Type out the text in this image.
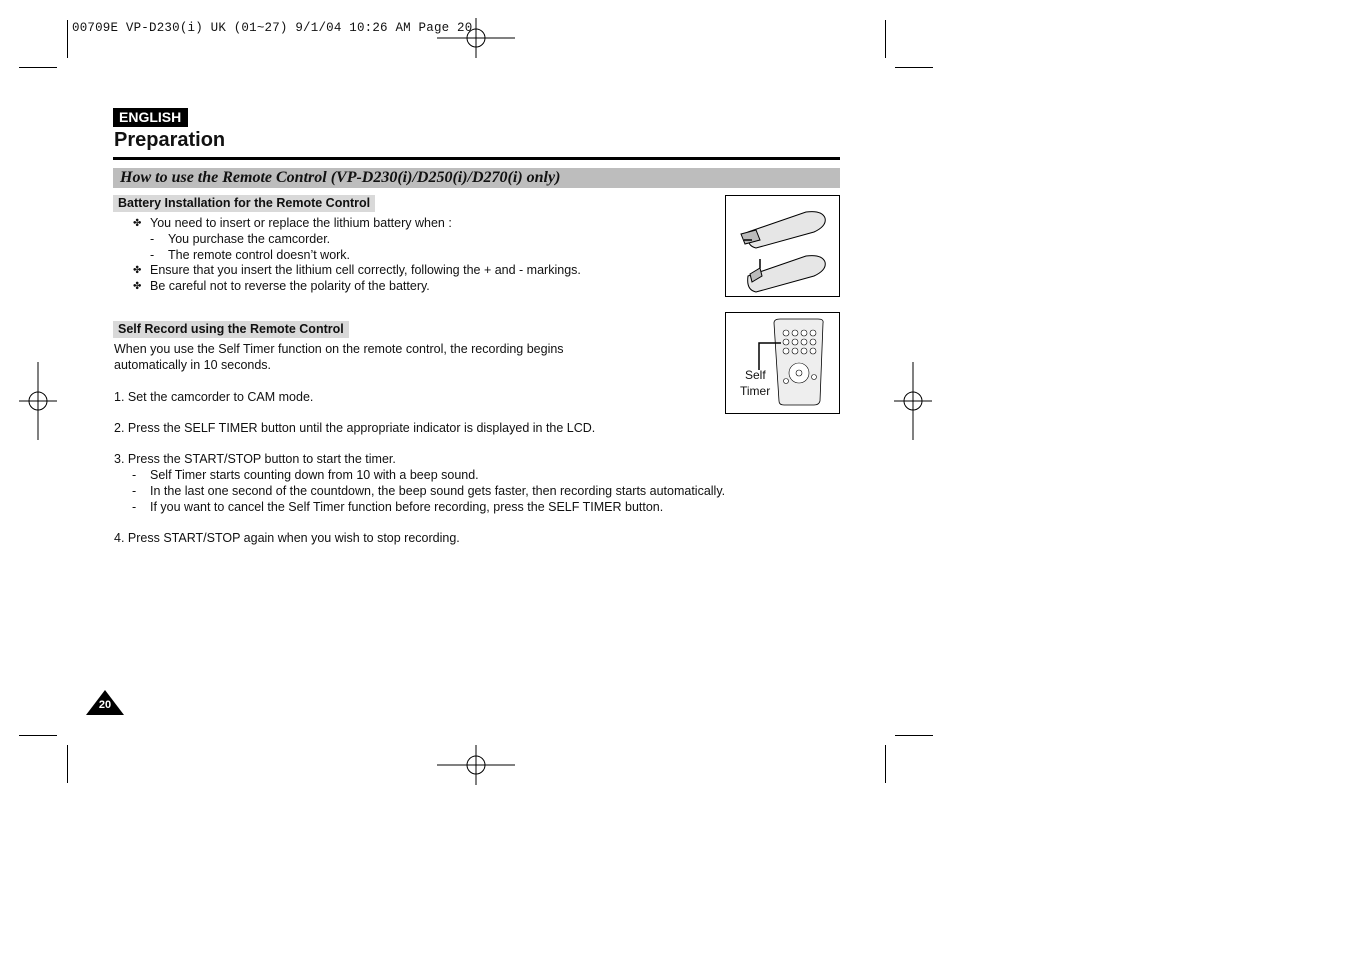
00709E VP-D230(i) UK (01~27) 9/1/04 10:26 AM Page 20
ENGLISH
Preparation
How to use the Remote Control (VP-D230(i)/D250(i)/D270(i) only)
Battery Installation for the Remote Control
✤ You need to insert or replace the lithium battery when :
- You purchase the camcorder.
- The remote control doesn’t work.
✤ Ensure that you insert the lithium cell correctly, following the + and - markings.
✤ Be careful not to reverse the polarity of the battery.
Self Record using the Remote Control
When you use the Self Timer function on the remote control, the recording begins
automatically in 10 seconds.
1. Set the camcorder to CAM mode.
2. Press the SELF TIMER button until the appropriate indicator is displayed in the LCD.
3. Press the START/STOP button to start the timer.
- Self Timer starts counting down from 10 with a beep sound.
- In the last one second of the countdown, the beep sound gets faster, then recording starts automatically.
- If you want to cancel the Self Timer function before recording, press the SELF TIMER button.
4. Press START/STOP again when you wish to stop recording.
Self
Timer
20
